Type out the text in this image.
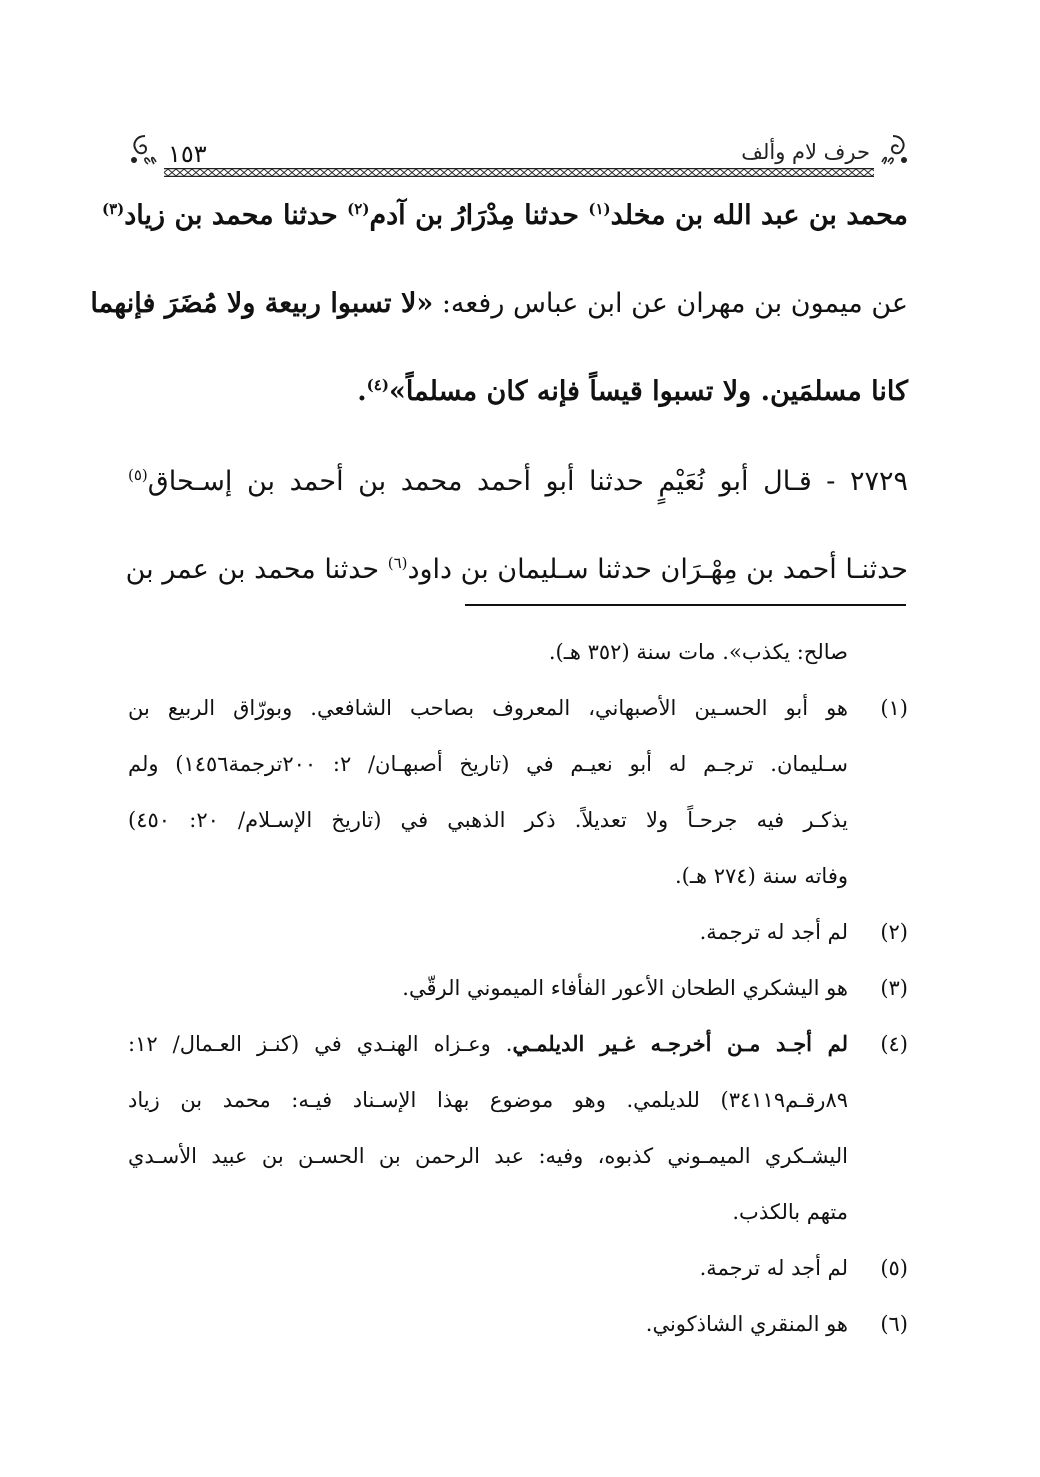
حرف لام وألف
١٥٣
محمد بن عبد الله بن مخلد$^{(١)}$ حدثنا مِدْرَارُ بن آدم$^{(٢)}$ حدثنا محمد بن زياد$^{(٣)}$
عن ميمون بن مهران عن ابن عباس رفعه: «لا تسبوا ربيعة ولا مُضَرَ فإنهما
كانا مسلمَين. ولا تسبوا قيساً فإنه كان مسلماً»$^{(٤)}$.
٢٧٢٩ - قـال أبو نُعَيْمٍ حدثنا أبو أحمد محمد بن أحمد بن إسـحاق$^{(٥)}$
حدثنـا أحمد بن مِهْـرَان حدثنا سـليمان بن داود$^{(٦)}$ حدثنا محمد بن عمر بن
صالح: يكذب». مات سنة (٣٥٢ هـ).
(١)
هو أبو الحسـين الأصبهاني، المعروف بصاحب الشافعي. وبورّاق الربيع بن
سـليمان. ترجـم له أبو نعيـم في (تاريخ أصبهـان/ ٢: ٢٠٠ترجمة١٤٥٦) ولم
يذكـر فيه جرحـاً ولا تعديلاً. ذكر الذهبي في (تاريخ الإسـلام/ ٢٠: ٤٥٠)
وفاته سنة (٢٧٤ هـ).
(٢)
لم أجد له ترجمة.
(٣)
هو اليشكري الطحان الأعور الفأفاء الميموني الرقّي.
(٤)
لم أجـد مـن أخرجـه غـير الديلمـي. وعـزاه الهنـدي في (كنـز العـمال/ ١٢:
٨٩رقـم٣٤١١٩) للديلمي. وهو موضوع بهذا الإسـناد فيـه: محمد بن زياد
اليشـكري الميمـوني كذبوه، وفيه: عبد الرحمن بن الحسـن بن عبيد الأسـدي
متهم بالكذب.
(٥)
لم أجد له ترجمة.
(٦)
هو المنقري الشاذكوني.
